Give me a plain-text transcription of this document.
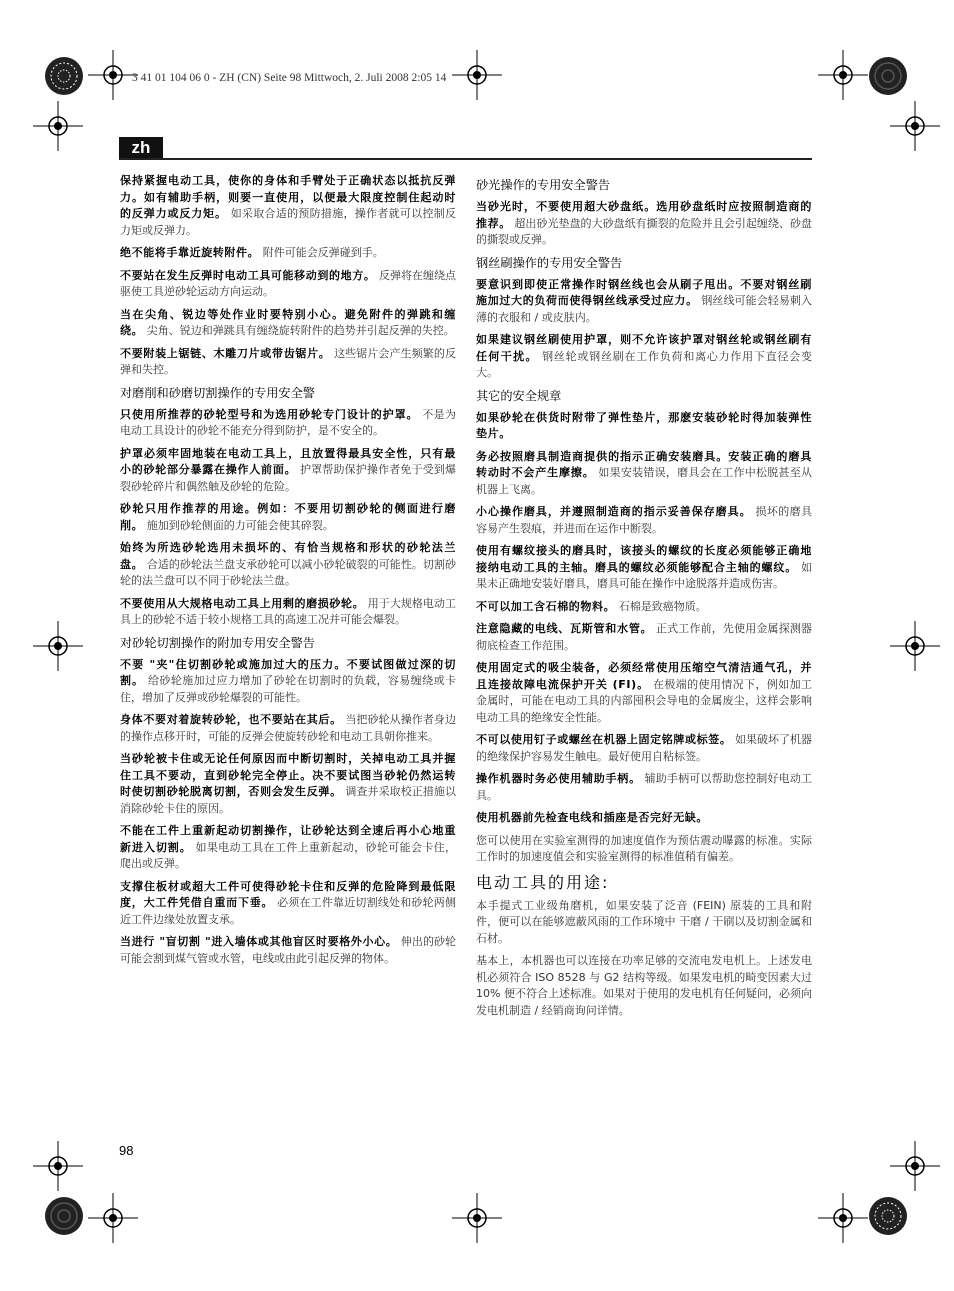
3 41 01 104 06 0 - ZH (CN) Seite 98 Mittwoch, 2. Juli 2008 2:05 14
zh

保持紧握电动工具，使你的身体和手臂处于正确状态以抵抗反弹力。如有辅助手柄，则要一直使用，以便最大限度控制住起动时的反弹力或反力矩。 如采取合适的预防措施，操作者就可以控制反力矩或反弹力。

绝不能将手靠近旋转附件。 附件可能会反弹碰到手。

不要站在发生反弹时电动工具可能移动到的地方。 反弹将在缠绕点驱使工具逆砂轮运动方向运动。

当在尖角、锐边等处作业时要特别小心。避免附件的弹跳和缠绕。 尖角、锐边和弹跳具有缠绕旋转附件的趋势并引起反弹的失控。

不要附装上锯链、木雕刀片或带齿锯片。 这些锯片会产生频繁的反弹和失控。

对磨削和砂磨切割操作的专用安全警

只使用所推荐的砂轮型号和为选用砂轮专门设计的护罩。 不是为电动工具设计的砂轮不能充分得到防护，是不安全的。

护罩必须牢固地装在电动工具上，且放置得最具安全性，只有最小的砂轮部分暴露在操作人前面。 护罩帮助保护操作者免于受到爆裂砂轮碎片和偶然触及砂轮的危险。

砂轮只用作推荐的用途。例如：不要用切割砂轮的侧面进行磨削。 施加到砂轮侧面的力可能会使其碎裂。

始终为所选砂轮选用未损坏的、有恰当规格和形状的砂轮法兰盘。 合适的砂轮法兰盘支承砂轮可以减小砂轮破裂的可能性。切割砂轮的法兰盘可以不同于砂轮法兰盘。

不要使用从大规格电动工具上用剩的磨损砂轮。 用于大规格电动工具上的砂轮不适于较小规格工具的高速工况并可能会爆裂。

对砂轮切割操作的附加专用安全警告

不要 "夹"住切割砂轮或施加过大的压力。不要试图做过深的切割。 给砂轮施加过应力增加了砂轮在切割时的负载，容易缠绕或卡住，增加了反弹或砂轮爆裂的可能性。

身体不要对着旋转砂轮，也不要站在其后。 当把砂轮从操作者身边的操作点移开时，可能的反弹会使旋转砂轮和电动工具朝你推来。

当砂轮被卡住或无论任何原因而中断切割时，关掉电动工具并握住工具不要动，直到砂轮完全停止。决不要试图当砂轮仍然运转时使切割砂轮脱离切割，否则会发生反弹。 调查并采取校正措施以消除砂轮卡住的原因。

不能在工件上重新起动切割操作，让砂轮达到全速后再小心地重新进入切割。 如果电动工具在工件上重新起动，砂轮可能会卡住，爬出或反弹。

支撑住板材或超大工件可使得砂轮卡住和反弹的危险降到最低限度，大工件凭借自重而下垂。 必须在工件靠近切割线处和砂轮两侧近工件边缘处放置支承。

当进行 "盲切割 "进入墙体或其他盲区时要格外小心。 伸出的砂轮可能会割到煤气管或水管，电线或由此引起反弹的物体。

砂光操作的专用安全警告

当砂光时，不要使用超大砂盘纸。选用砂盘纸时应按照制造商的推荐。 超出砂光垫盘的大砂盘纸有撕裂的危险并且会引起缠绕、砂盘的撕裂或反弹。

钢丝刷操作的专用安全警告

要意识到即使正常操作时钢丝线也会从刷子甩出。不要对钢丝刷施加过大的负荷而使得钢丝线承受过应力。 钢丝线可能会轻易刺入薄的衣服和 / 或皮肤内。

如果建议钢丝刷使用护罩，则不允许该护罩对钢丝轮或钢丝刷有任何干扰。 钢丝轮或钢丝刷在工作负荷和离心力作用下直径会变大。

其它的安全规章

如果砂轮在供货时附带了弹性垫片，那麽安装砂轮时得加装弹性垫片。

务必按照磨具制造商提供的指示正确安装磨具。安装正确的磨具转动时不会产生摩擦。 如果安装错误，磨具会在工作中松脱甚至从机器上飞离。

小心操作磨具，并遵照制造商的指示妥善保存磨具。 损坏的磨具容易产生裂痕，并进而在运作中断裂。

使用有螺纹接头的磨具时，该接头的螺纹的长度必须能够正确地接纳电动工具的主轴。磨具的螺纹必须能够配合主轴的螺纹。 如果未正确地安装好磨具，磨具可能在操作中途脱落并造成伤害。

不可以加工含石棉的物料。 石棉是致癌物质。

注意隐藏的电线、瓦斯管和水管。 正式工作前，先使用金属探测器彻底检查工作范围。

使用固定式的吸尘装备，必须经常使用压缩空气清洁通气孔，并且连接故障电流保护开关 (FI)。 在极端的使用情况下，例如加工金属时，可能在电动工具的内部囤积会导电的金属废尘，这样会影响电动工具的绝缘安全性能。

不可以使用钉子或螺丝在机器上固定铭牌或标签。 如果破坏了机器的绝缘保护容易发生触电。最好使用自粘标签。

操作机器时务必使用辅助手柄。 辅助手柄可以帮助您控制好电动工具。

使用机器前先检查电线和插座是否完好无缺。

您可以使用在实验室测得的加速度值作为预估震动曝露的标准。实际工作时的加速度值会和实验室测得的标准值稍有偏差。

电动工具的用途:

本手提式工业级角磨机，如果安装了泛音 (FEIN) 原装的工具和附件，便可以在能够遮蔽风雨的工作环境中 干磨 / 干刷以及切割金属和石材。

基本上，本机器也可以连接在功率足够的交流电发电机上。上述发电机必须符合 ISO 8528 与 G2 结构等级。如果发电机的畸变因素大过 10% 便不符合上述标准。如果对于使用的发电机有任何疑问，必须向发电机制造 / 经销商询问详情。

98
